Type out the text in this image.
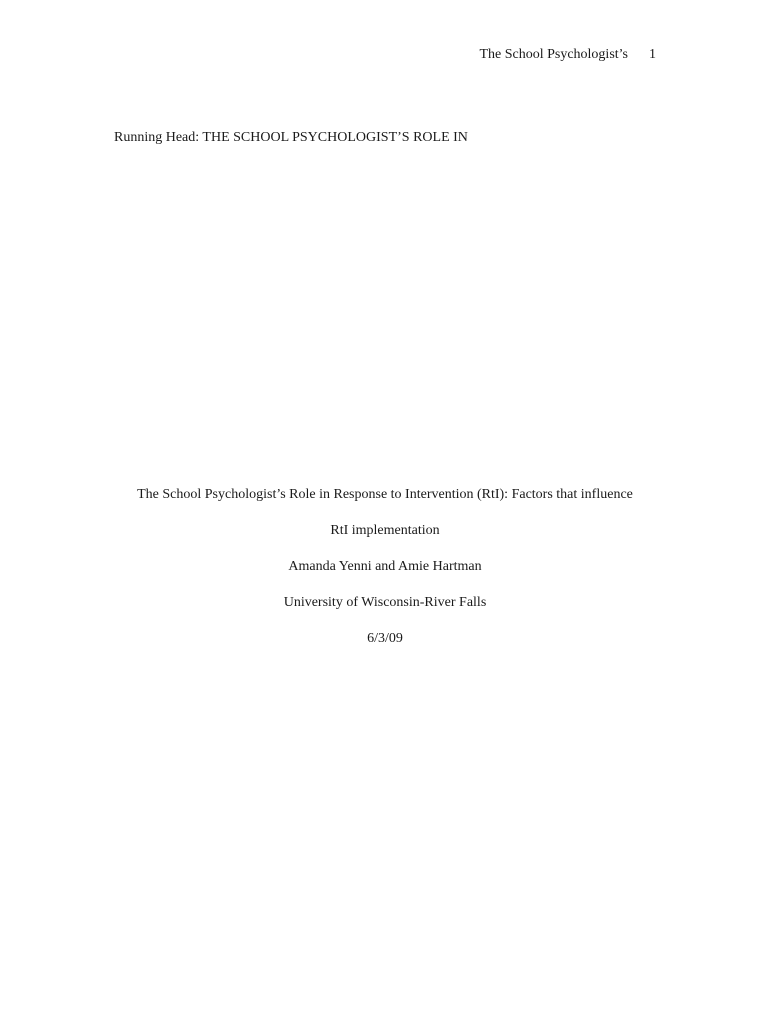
The School Psychologist’s 1
Running Head: THE SCHOOL PSYCHOLOGIST’S ROLE IN

The School Psychologist’s Role in Response to Intervention (RtI): Factors that influence

RtI implementation

Amanda Yenni and Amie Hartman

University of Wisconsin-River Falls

6/3/09
